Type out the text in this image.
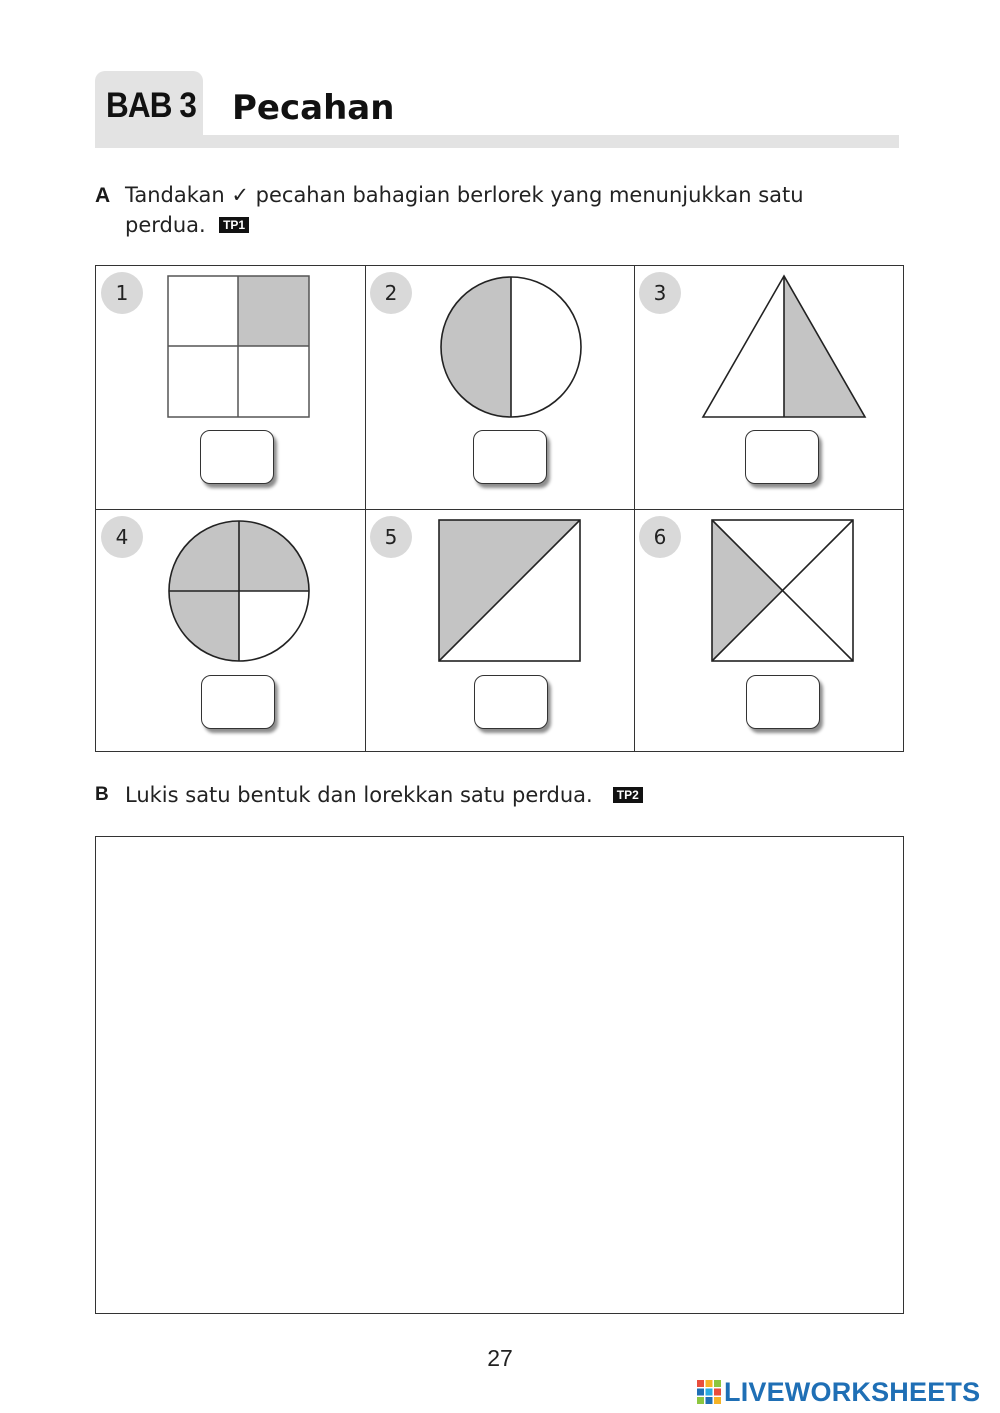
BAB 3 Pecahan
A Tandakan ✓ pecahan bahagian berlorek yang menunjukkan satu
perdua. TP1
1	2	3
4	5	6
B Lukis satu bentuk dan lorekkan satu perdua. TP2
27
LIVEWORKSHEETS
